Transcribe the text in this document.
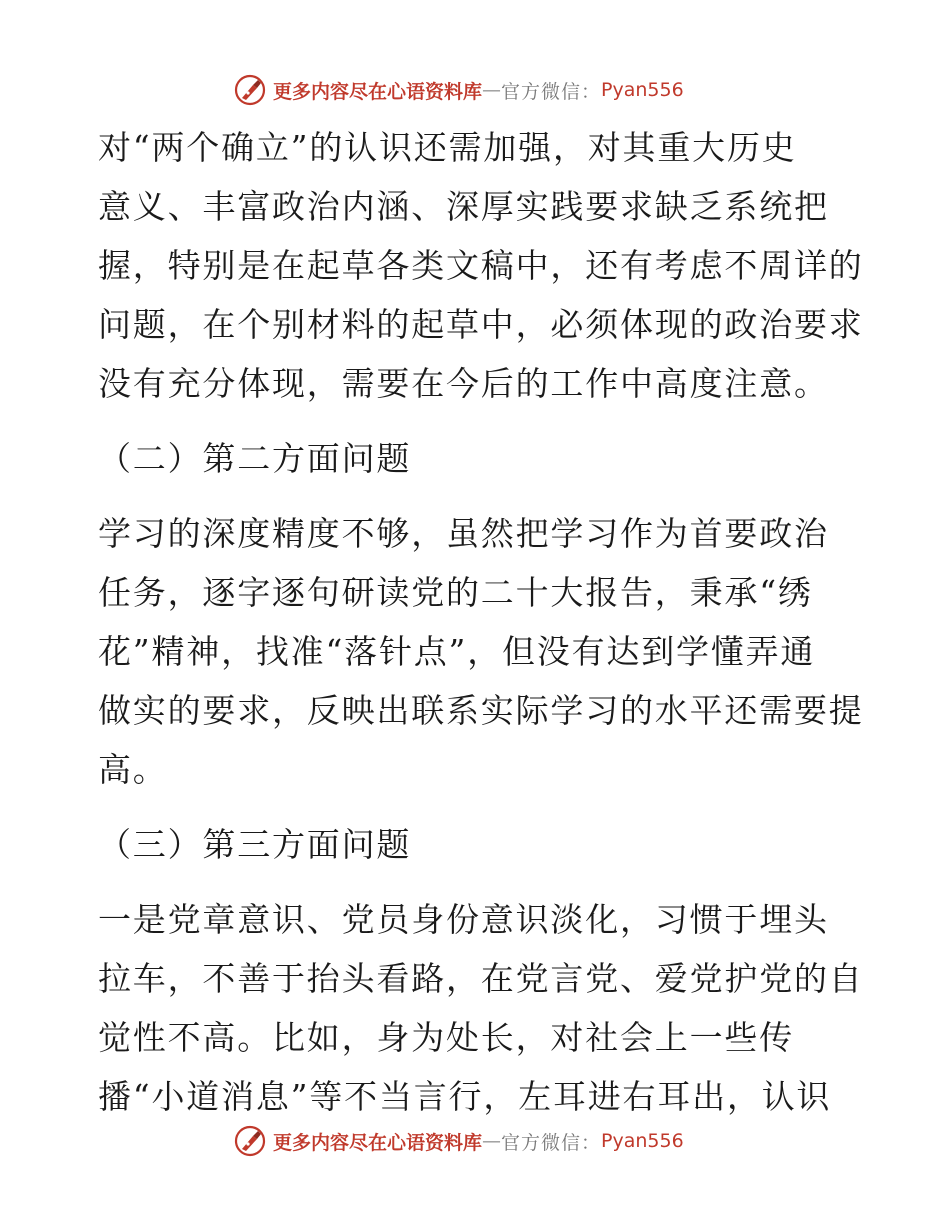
更多内容尽在心语资料库 — 官方微信： Pyan556
对“两个确立”的认识还需加强，对其重大历史
意义、丰富政治内涵、深厚实践要求缺乏系统把
握，特别是在起草各类文稿中，还有考虑不周详的
问题，在个别材料的起草中，必须体现的政治要求
没有充分体现，需要在今后的工作中高度注意。
（二）第二方面问题
学习的深度精度不够，虽然把学习作为首要政治
任务，逐字逐句研读党的二十大报告，秉承“绣
花”精神，找准“落针点”，但没有达到学懂弄通
做实的要求，反映出联系实际学习的水平还需要提
高。
（三）第三方面问题
一是党章意识、党员身份意识淡化，习惯于埋头
拉车，不善于抬头看路，在党言党、爱党护党的自
觉性不高。比如，身为处长，对社会上一些传
播“小道消息”等不当言行，左耳进右耳出，认识
更多内容尽在心语资料库 — 官方微信： Pyan556
